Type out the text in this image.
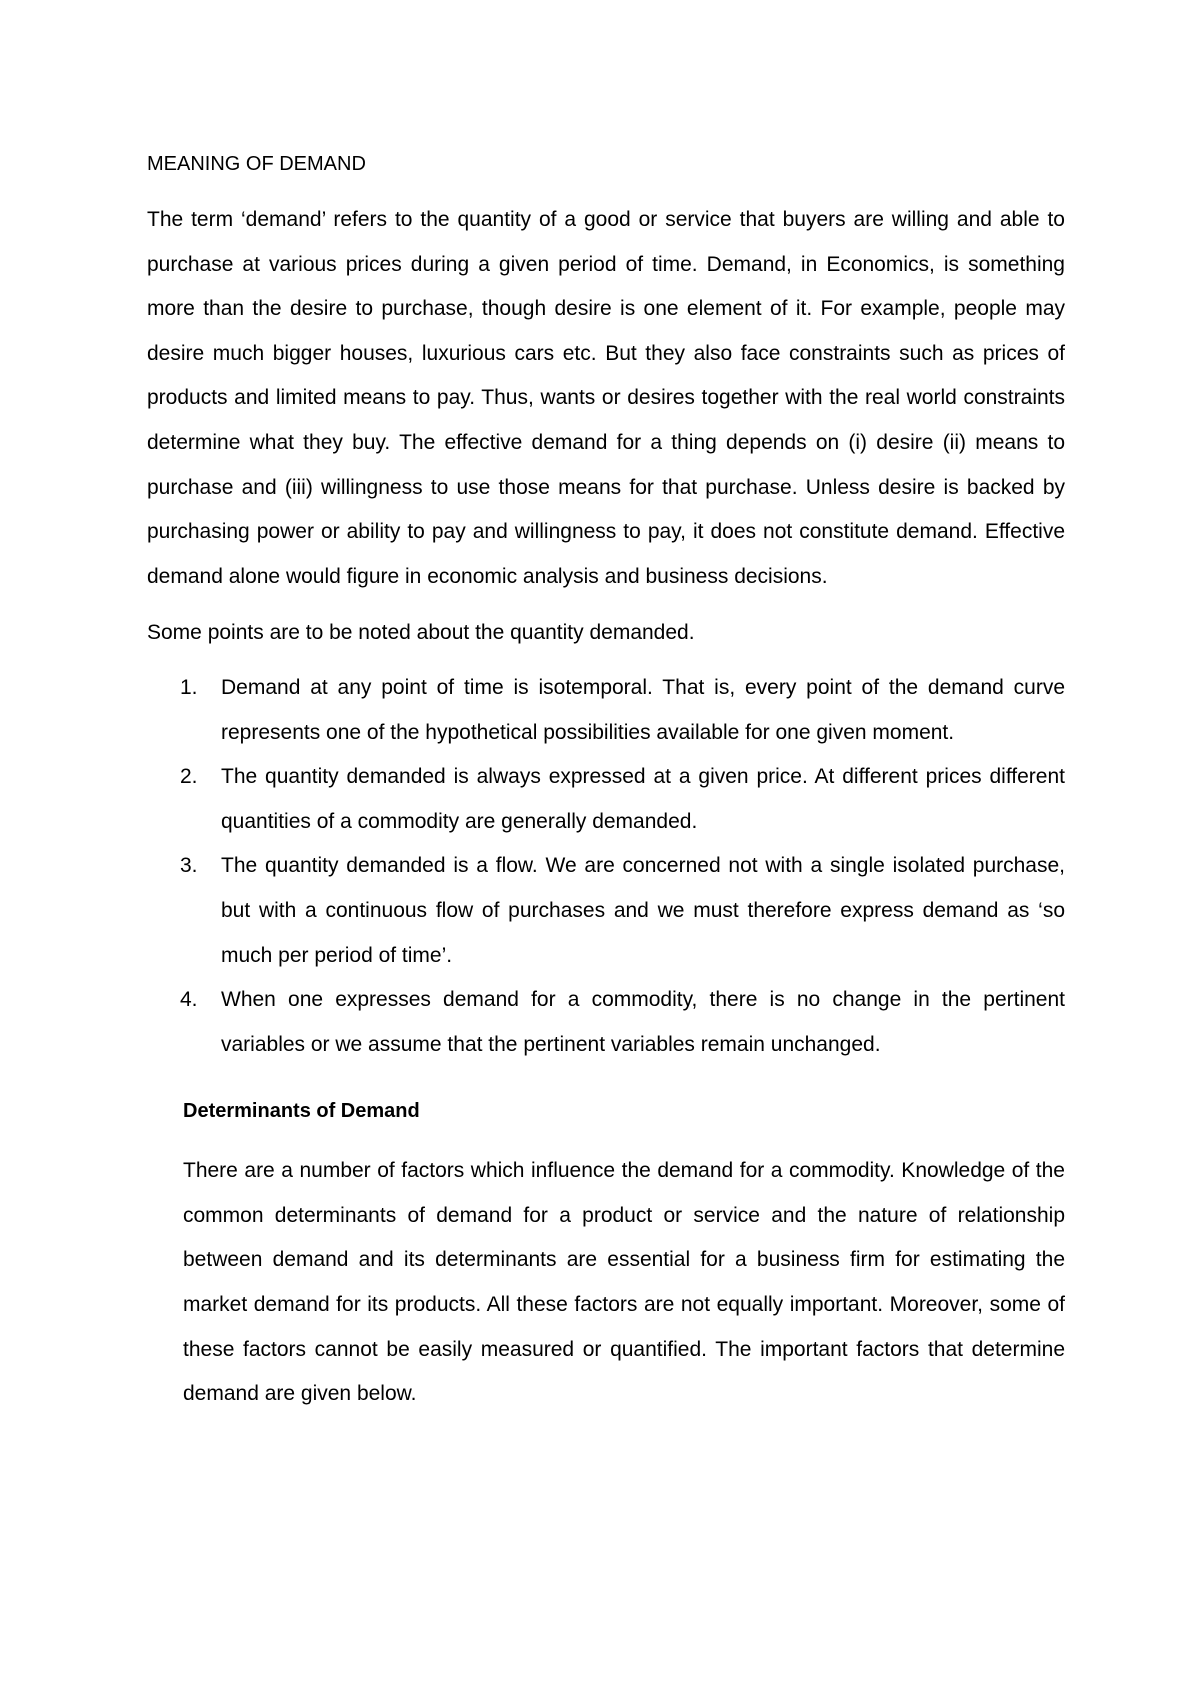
MEANING OF DEMAND

The term ‘demand’ refers to the quantity of a good or service that buyers are willing and able to purchase at various prices during a given period of time. Demand, in Economics, is something more than the desire to purchase, though desire is one element of it. For example, people may desire much bigger houses, luxurious cars etc. But they also face constraints such as prices of products and limited means to pay. Thus, wants or desires together with the real world constraints determine what they buy. The effective demand for a thing depends on (i) desire (ii) means to purchase and (iii) willingness to use those means for that purchase. Unless desire is backed by purchasing power or ability to pay and willingness to pay, it does not constitute demand. Effective demand alone would figure in economic analysis and business decisions.

Some points are to be noted about the quantity demanded.

1. Demand at any point of time is isotemporal. That is, every point of the demand curve represents one of the hypothetical possibilities available for one given moment.
2. The quantity demanded is always expressed at a given price. At different prices different quantities of a commodity are generally demanded.
3. The quantity demanded is a flow. We are concerned not with a single isolated purchase, but with a continuous flow of purchases and we must therefore express demand as ‘so much per period of time’.
4. When one expresses demand for a commodity, there is no change in the pertinent variables or we assume that the pertinent variables remain unchanged.
Determinants of Demand

There are a number of factors which influence the demand for a commodity. Knowledge of the common determinants of demand for a product or service and the nature of relationship between demand and its determinants are essential for a business firm for estimating the market demand for its products. All these factors are not equally important. Moreover, some of these factors cannot be easily measured or quantified. The important factors that determine demand are given below.
